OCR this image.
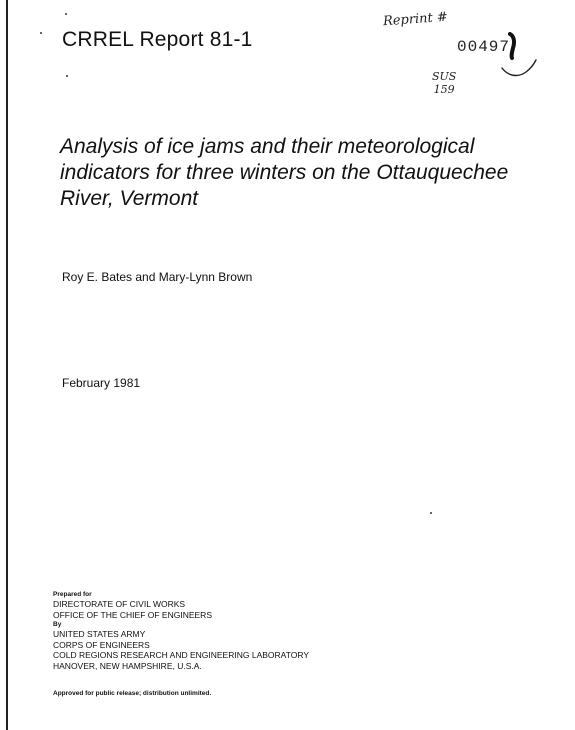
CRREL Report 81-1
Reprint #
00497
SUS
159
Analysis of ice jams and their meteorological
indicators for three winters on the Ottauquechee
River, Vermont
Roy E. Bates and Mary-Lynn Brown
February 1981
Prepared for
DIRECTORATE OF CIVIL WORKS
OFFICE OF THE CHIEF OF ENGINEERS
By
UNITED STATES ARMY
CORPS OF ENGINEERS
COLD REGIONS RESEARCH AND ENGINEERING LABORATORY
HANOVER, NEW HAMPSHIRE, U.S.A.
Approved for public release; distribution unlimited.
